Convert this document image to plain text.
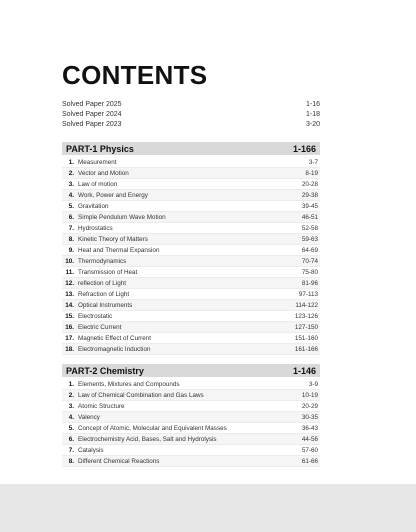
CONTENTS
Solved Paper 2025	1-16
Solved Paper 2024	1-18
Solved Paper 2023	3-20
PART-1 Physics	1-166
1. Measurement	3-7
2. Vector and Motion	8-19
3. Law of motion	20-28
4. Work, Power and Energy	29-38
5. Gravitation	39-45
6. Simple Pendulum Wave Motion	46-51
7. Hydrostatics	52-58
8. Kinetic Theory of Matters	59-63
9. Heat and Thermal Expansion	64-69
10. Thermodynamics	70-74
11. Transmission of Heat	75-80
12. reflection of Light	81-96
13. Refraction of Light	97-113
14. Optical Instruments	114-122
15. Electrostatic	123-126
16. Electric Current	127-150
17. Magnetic Effect of Current	151-160
18. Electromagnetic Induction	161-166
PART-2 Chemistry	1-146
1. Elements, Mixtures and Compounds	3-9
2. Law of Chemical Combination and Gas Laws	10-19
3. Atomic Structure	20-29
4. Valency	30-35
5. Concept of Atomic, Molecular and Equivalent Masses	36-43
6. Electrochemistry Acid, Bases, Salt and Hydrolysis	44-56
7. Catalysis	57-60
8. Different Chemical Reactions	61-66
